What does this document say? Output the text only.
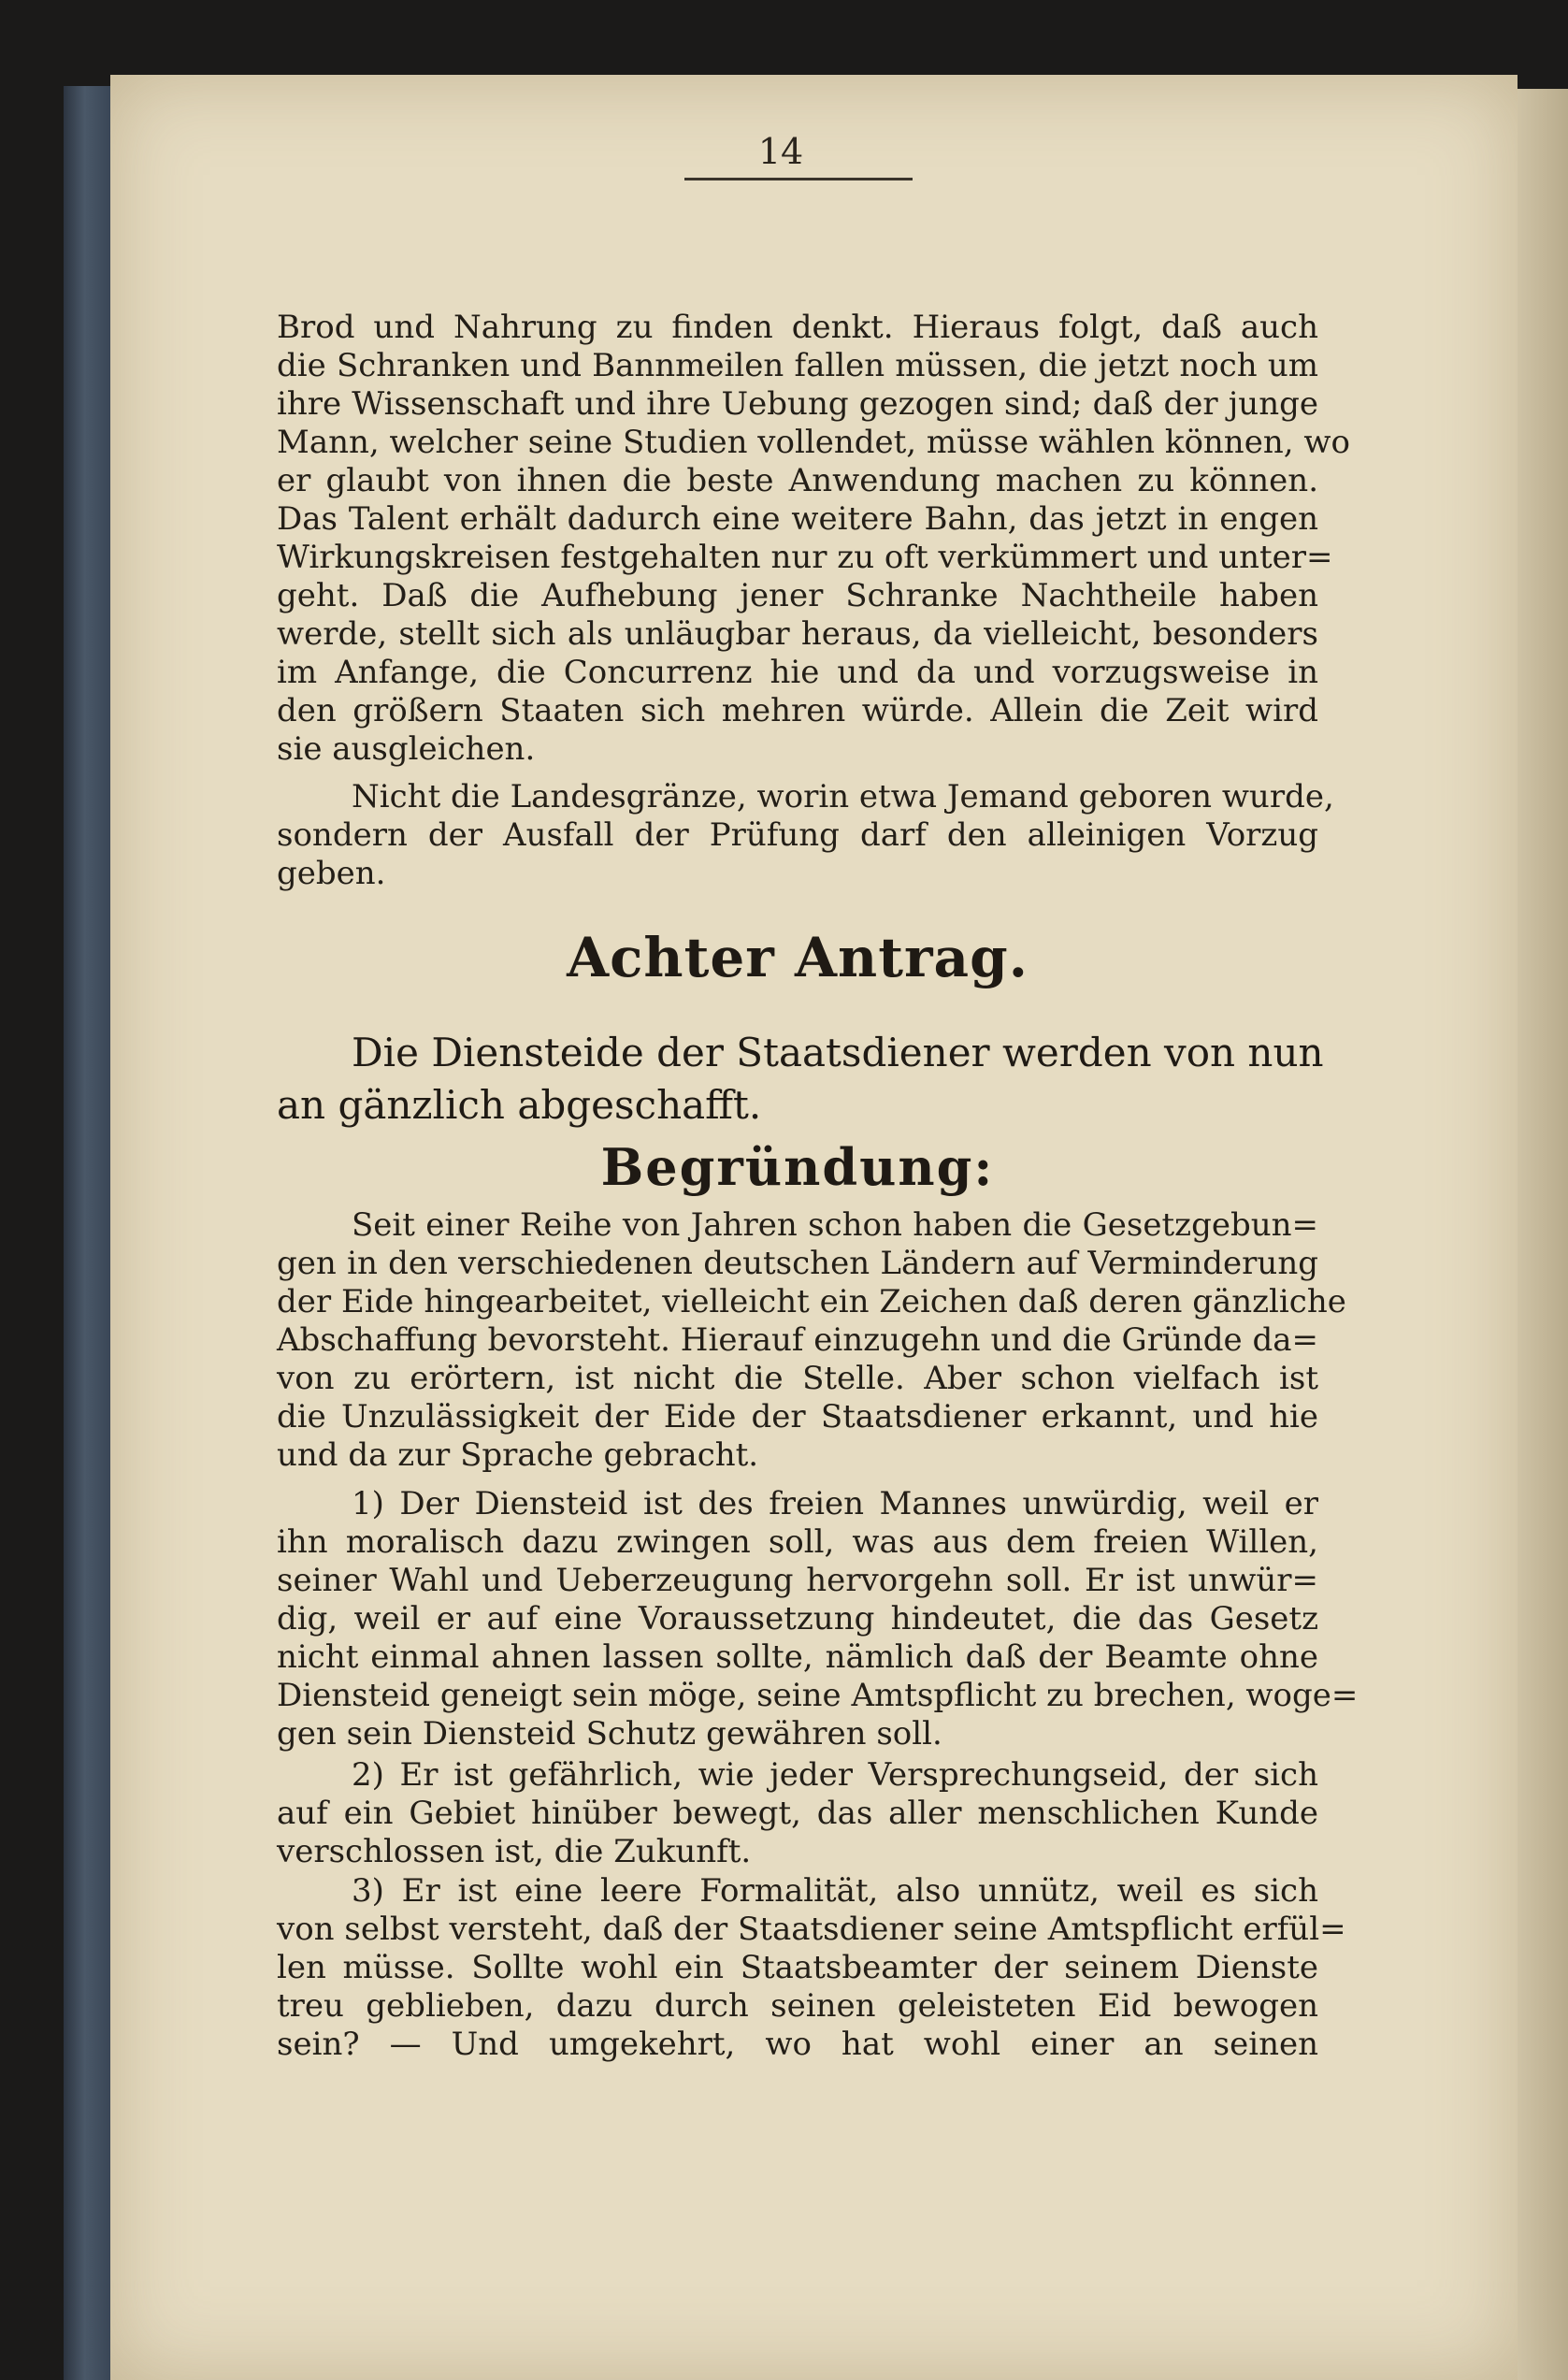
14
Brod und Nahrung zu finden denkt. Hieraus folgt, daß auch
die Schranken und Bannmeilen fallen müssen, die jetzt noch um
ihre Wissenschaft und ihre Uebung gezogen sind; daß der junge
Mann, welcher seine Studien vollendet, müsse wählen können, wo
er glaubt von ihnen die beste Anwendung machen zu können.
Das Talent erhält dadurch eine weitere Bahn, das jetzt in engen
Wirkungskreisen festgehalten nur zu oft verkümmert und unter=
geht. Daß die Aufhebung jener Schranke Nachtheile haben
werde, stellt sich als unläugbar heraus, da vielleicht, besonders
im Anfange, die Concurrenz hie und da und vorzugsweise in
den größern Staaten sich mehren würde. Allein die Zeit wird
sie ausgleichen.
Nicht die Landesgränze, worin etwa Jemand geboren wurde,
sondern der Ausfall der Prüfung darf den alleinigen Vorzug
geben.
Achter Antrag.
Die Diensteide der Staatsdiener werden von nun
an gänzlich abgeschafft.
Begründung:
Seit einer Reihe von Jahren schon haben die Gesetzgebun=
gen in den verschiedenen deutschen Ländern auf Verminderung
der Eide hingearbeitet, vielleicht ein Zeichen daß deren gänzliche
Abschaffung bevorsteht. Hierauf einzugehn und die Gründe da=
von zu erörtern, ist nicht die Stelle. Aber schon vielfach ist
die Unzulässigkeit der Eide der Staatsdiener erkannt, und hie
und da zur Sprache gebracht.
1) Der Diensteid ist des freien Mannes unwürdig, weil er
ihn moralisch dazu zwingen soll, was aus dem freien Willen,
seiner Wahl und Ueberzeugung hervorgehn soll. Er ist unwür=
dig, weil er auf eine Voraussetzung hindeutet, die das Gesetz
nicht einmal ahnen lassen sollte, nämlich daß der Beamte ohne
Diensteid geneigt sein möge, seine Amtspflicht zu brechen, woge=
gen sein Diensteid Schutz gewähren soll.
2) Er ist gefährlich, wie jeder Versprechungseid, der sich
auf ein Gebiet hinüber bewegt, das aller menschlichen Kunde
verschlossen ist, die Zukunft.
3) Er ist eine leere Formalität, also unnütz, weil es sich
von selbst versteht, daß der Staatsdiener seine Amtspflicht erfül=
len müsse. Sollte wohl ein Staatsbeamter der seinem Dienste
treu geblieben, dazu durch seinen geleisteten Eid bewogen
sein? — Und umgekehrt, wo hat wohl einer an seinen
